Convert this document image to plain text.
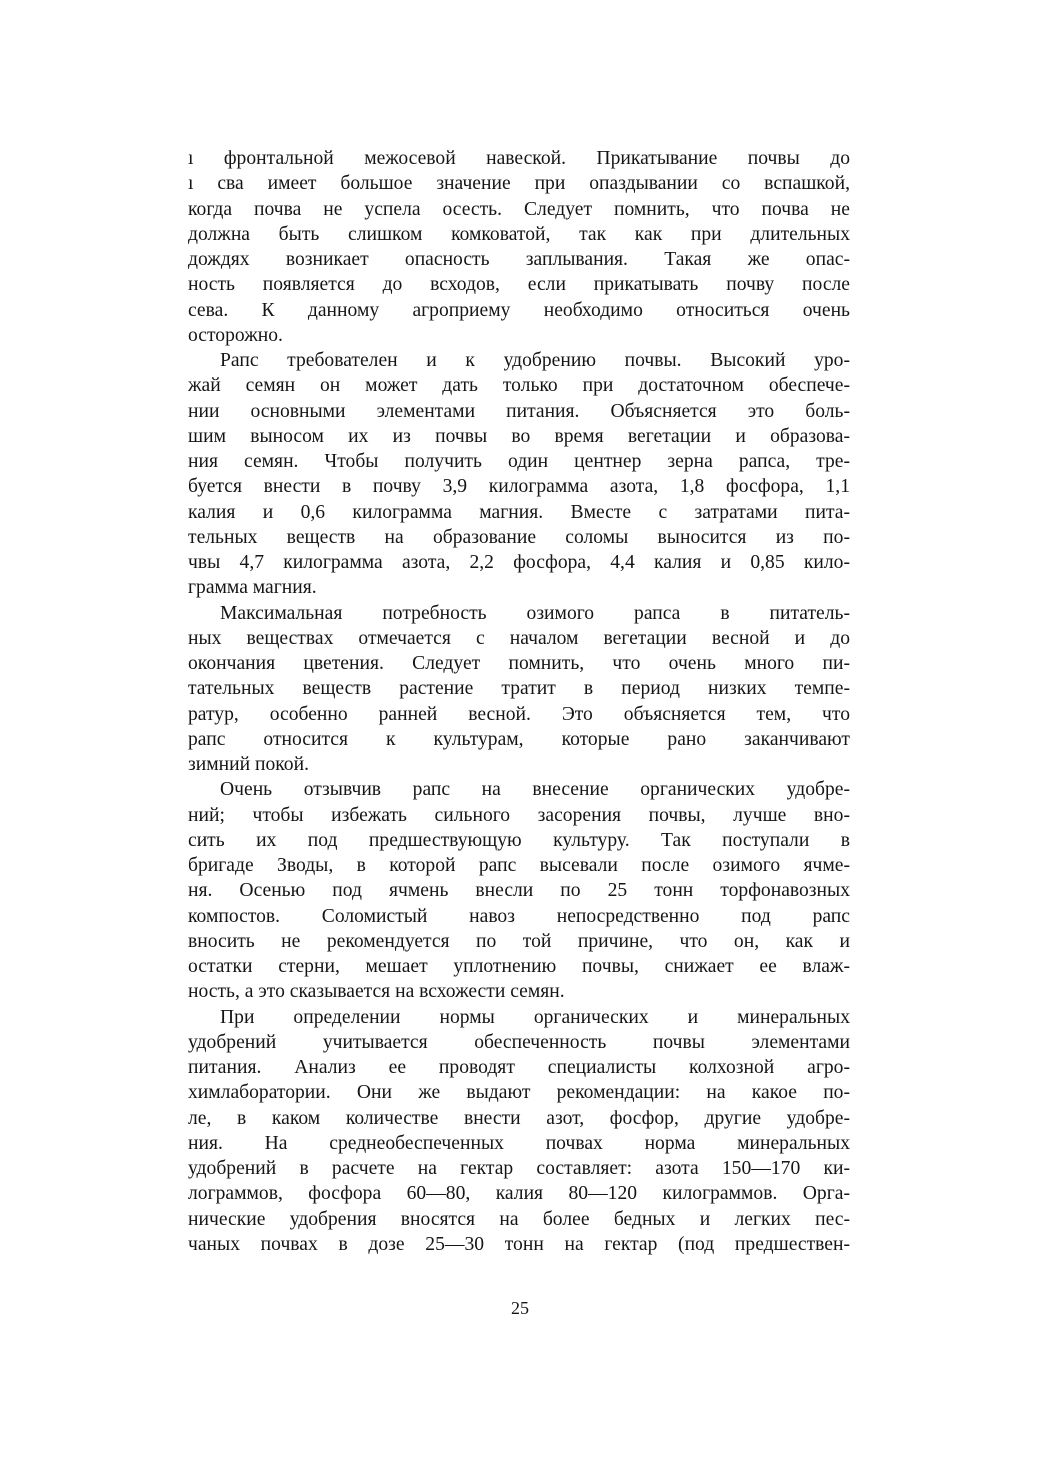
ı фронтальной межосевой навеской. Прикатывание почвы до
ı сва имеет большое значение при опаздывании со вспашкой,
когда почва не успела осесть. Следует помнить, что почва не
должна быть слишком комковатой, так как при длительных
дождях возникает опасность заплывания. Такая же опас-
ность появляется до всходов, если прикатывать почву после
сева. К данному агроприему необходимо относиться очень
осторожно.
Рапс требователен и к удобрению почвы. Высокий уро-
жай семян он может дать только при достаточном обеспече-
нии основными элементами питания. Объясняется это боль-
шим выносом их из почвы во время вегетации и образова-
ния семян. Чтобы получить один центнер зерна рапса, тре-
буется внести в почву 3,9 килограмма азота, 1,8 фосфора, 1,1
калия и 0,6 килограмма магния. Вместе с затратами пита-
тельных веществ на образование соломы выносится из по-
чвы 4,7 килограмма азота, 2,2 фосфора, 4,4 калия и 0,85 кило-
грамма магния.
Максимальная потребность озимого рапса в питатель-
ных веществах отмечается с началом вегетации весной и до
окончания цветения. Следует помнить, что очень много пи-
тательных веществ растение тратит в период низких темпе-
ратур, особенно ранней весной. Это объясняется тем, что
рапс относится к культурам, которые рано заканчивают
зимний покой.
Очень отзывчив рапс на внесение органических удобре-
ний; чтобы избежать сильного засорения почвы, лучше вно-
сить их под предшествующую культуру. Так поступали в
бригаде Зводы, в которой рапс высевали после озимого ячме-
ня. Осенью под ячмень внесли по 25 тонн торфонавозных
компостов. Соломистый навоз непосредственно под рапс
вносить не рекомендуется по той причине, что он, как и
остатки стерни, мешает уплотнению почвы, снижает ее влаж-
ность, а это сказывается на всхожести семян.
При определении нормы органических и минеральных
удобрений учитывается обеспеченность почвы элементами
питания. Анализ ее проводят специалисты колхозной агро-
химлаборатории. Они же выдают рекомендации: на какое по-
ле, в каком количестве внести азот, фосфор, другие удобре-
ния. На среднеобеспеченных почвах норма минеральных
удобрений в расчете на гектар составляет: азота 150—170 ки-
лограммов, фосфора 60—80, калия 80—120 килограммов. Орга-
нические удобрения вносятся на более бедных и легких пес-
чаных почвах в дозе 25—30 тонн на гектар (под предшествен-
25
